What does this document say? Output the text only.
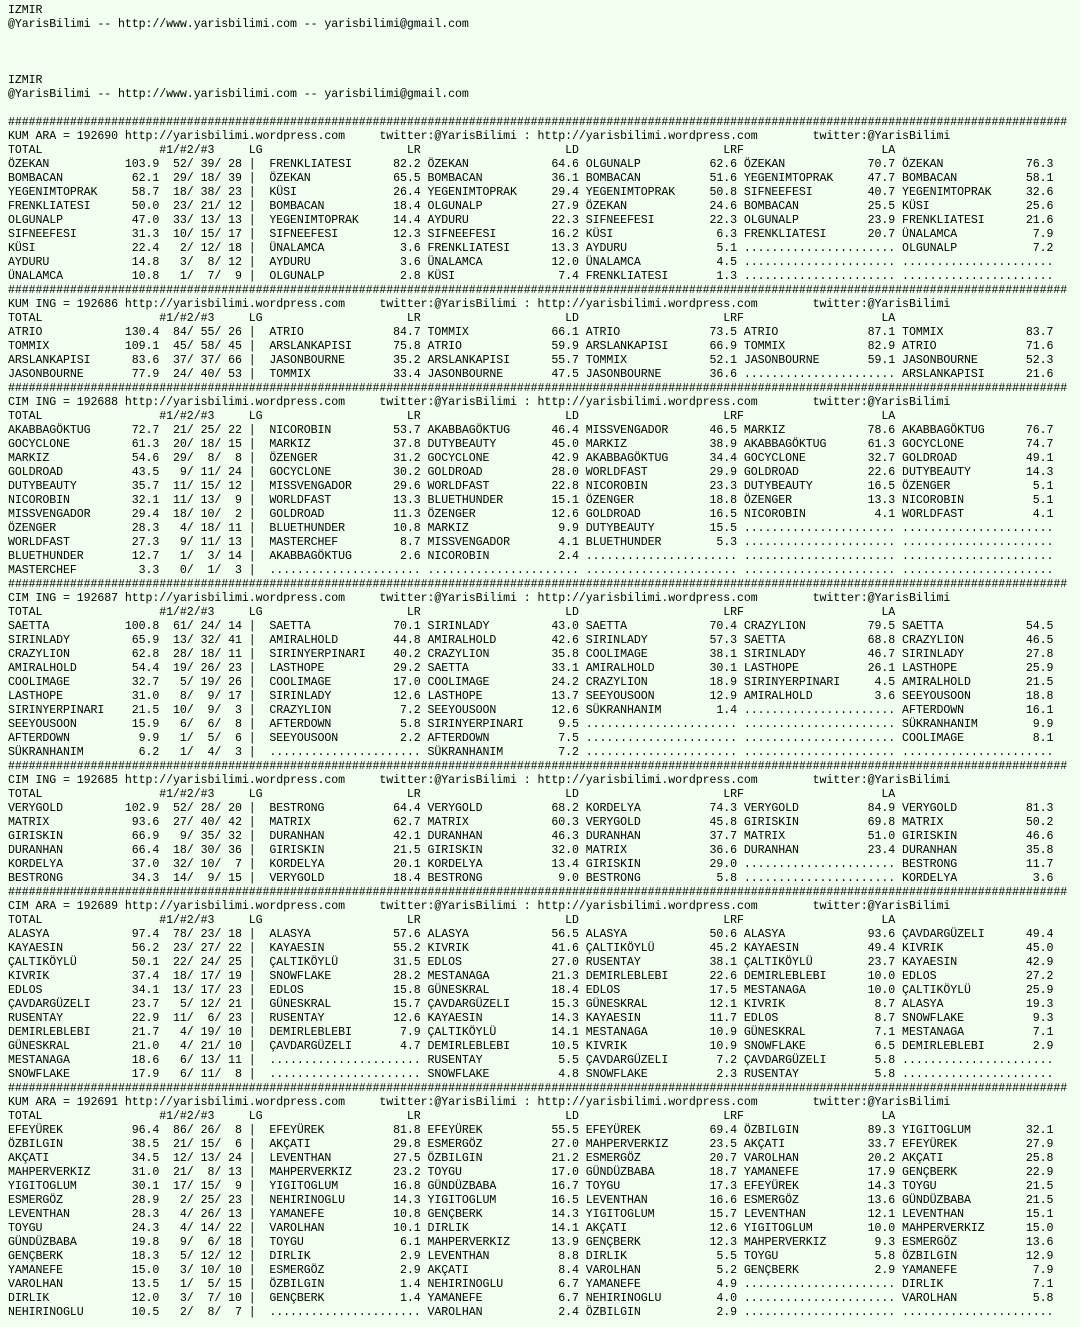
IZMIR
@YarisBilimi -- http://www.yarisbilimi.com -- yarisbilimi@gmail.com
IZMIR
@YarisBilimi -- http://www.yarisbilimi.com -- yarisbilimi@gmail.com
##########################################################################################################################################################
KUM ARA = 192690 http://yarisbilimi.wordpress.com     twitter:@YarisBilimi : http://yarisbilimi.wordpress.com        twitter:@YarisBilimi
TOTAL                 #1/#2/#3     LG                     LR                     LD                     LRF                    LA
ÖZEKAN           103.9  52/ 39/ 28 |  FRENKLIATESI      82.2 ÖZEKAN            64.6 OLGUNALP          62.6 ÖZEKAN            70.7 ÖZEKAN            76.3
BOMBACAN          62.1  29/ 18/ 39 |  ÖZEKAN            65.5 BOMBACAN          36.1 BOMBACAN          51.6 YEGENIMTOPRAK     47.7 BOMBACAN          58.1
YEGENIMTOPRAK     58.7  18/ 38/ 23 |  KÜSI              26.4 YEGENIMTOPRAK     29.4 YEGENIMTOPRAK     50.8 SIFNEEFESI        40.7 YEGENIMTOPRAK     32.6
FRENKLIATESI      50.0  23/ 21/ 12 |  BOMBACAN          18.4 OLGUNALP          27.9 ÖZEKAN            24.6 BOMBACAN          25.5 KÜSI              25.6
OLGUNALP          47.0  33/ 13/ 13 |  YEGENIMTOPRAK     14.4 AYDURU            22.3 SIFNEEFESI        22.3 OLGUNALP          23.9 FRENKLIATESI      21.6
SIFNEEFESI        31.3  10/ 15/ 17 |  SIFNEEFESI        12.3 SIFNEEFESI        16.2 KÜSI               6.3 FRENKLIATESI      20.7 ÜNALAMCA           7.9
KÜSI              22.4   2/ 12/ 18 |  ÜNALAMCA           3.6 FRENKLIATESI      13.3 AYDURU             5.1 ...................... OLGUNALP           7.2
AYDURU            14.8   3/  8/ 12 |  AYDURU             3.6 ÜNALAMCA          12.0 ÜNALAMCA           4.5 ...................... ......................
ÜNALAMCA          10.8   1/  7/  9 |  OLGUNALP           2.8 KÜSI               7.4 FRENKLIATESI       1.3 ...................... ......................
##########################################################################################################################################################
KUM ING = 192686 http://yarisbilimi.wordpress.com     twitter:@YarisBilimi : http://yarisbilimi.wordpress.com        twitter:@YarisBilimi
TOTAL                 #1/#2/#3     LG                     LR                     LD                     LRF                    LA
ATRIO            130.4  84/ 55/ 26 |  ATRIO             84.7 TOMMIX            66.1 ATRIO             73.5 ATRIO             87.1 TOMMIX            83.7
TOMMIX           109.1  45/ 58/ 45 |  ARSLANKAPISI      75.8 ATRIO             59.9 ARSLANKAPISI      66.9 TOMMIX            82.9 ATRIO             71.6
ARSLANKAPISI      83.6  37/ 37/ 66 |  JASONBOURNE       35.2 ARSLANKAPISI      55.7 TOMMIX            52.1 JASONBOURNE       59.1 JASONBOURNE       52.3
JASONBOURNE       77.9  24/ 40/ 53 |  TOMMIX            33.4 JASONBOURNE       47.5 JASONBOURNE       36.6 ...................... ARSLANKAPISI      21.6
##########################################################################################################################################################
CIM ING = 192688 http://yarisbilimi.wordpress.com     twitter:@YarisBilimi : http://yarisbilimi.wordpress.com        twitter:@YarisBilimi
TOTAL                 #1/#2/#3     LG                     LR                     LD                     LRF                    LA
AKABBAGÖKTUG      72.7  21/ 25/ 22 |  NICOROBIN         53.7 AKABBAGÖKTUG      46.4 MISSVENGADOR      46.5 MARKIZ            78.6 AKABBAGÖKTUG      76.7
GOCYCLONE         61.3  20/ 18/ 15 |  MARKIZ            37.8 DUTYBEAUTY        45.0 MARKIZ            38.9 AKABBAGÖKTUG      61.3 GOCYCLONE         74.7
MARKIZ            54.6  29/  8/  8 |  ÖZENGER           31.2 GOCYCLONE         42.9 AKABBAGÖKTUG      34.4 GOCYCLONE         32.7 GOLDROAD          49.1
GOLDROAD          43.5   9/ 11/ 24 |  GOCYCLONE         30.2 GOLDROAD          28.0 WORLDFAST         29.9 GOLDROAD          22.6 DUTYBEAUTY        14.3
DUTYBEAUTY        35.7  11/ 15/ 12 |  MISSVENGADOR      29.6 WORLDFAST         22.8 NICOROBIN         23.3 DUTYBEAUTY        16.5 ÖZENGER            5.1
NICOROBIN         32.1  11/ 13/  9 |  WORLDFAST         13.3 BLUETHUNDER       15.1 ÖZENGER           18.8 ÖZENGER           13.3 NICOROBIN          5.1
MISSVENGADOR      29.4  18/ 10/  2 |  GOLDROAD          11.3 ÖZENGER           12.6 GOLDROAD          16.5 NICOROBIN          4.1 WORLDFAST          4.1
ÖZENGER           28.3   4/ 18/ 11 |  BLUETHUNDER       10.8 MARKIZ             9.9 DUTYBEAUTY        15.5 ...................... ......................
WORLDFAST         27.3   9/ 11/ 13 |  MASTERCHEF         8.7 MISSVENGADOR       4.1 BLUETHUNDER        5.3 ...................... ......................
BLUETHUNDER       12.7   1/  3/ 14 |  AKABBAGÖKTUG       2.6 NICOROBIN          2.4 ...................... ...................... ......................
MASTERCHEF         3.3   0/  1/  3 |  ...................... ...................... ...................... ...................... ......................
##########################################################################################################################################################
CIM ING = 192687 http://yarisbilimi.wordpress.com     twitter:@YarisBilimi : http://yarisbilimi.wordpress.com        twitter:@YarisBilimi
TOTAL                 #1/#2/#3     LG                     LR                     LD                     LRF                    LA
SAETTA           100.8  61/ 24/ 14 |  SAETTA            70.1 SIRINLADY         43.0 SAETTA            70.4 CRAZYLION         79.5 SAETTA            54.5
SIRINLADY         65.9  13/ 32/ 41 |  AMIRALHOLD        44.8 AMIRALHOLD        42.6 SIRINLADY         57.3 SAETTA            68.8 CRAZYLION         46.5
CRAZYLION         62.8  28/ 18/ 11 |  SIRINYERPINARI    40.2 CRAZYLION         35.8 COOLIMAGE         38.1 SIRINLADY         46.7 SIRINLADY         27.8
AMIRALHOLD        54.4  19/ 26/ 23 |  LASTHOPE          29.2 SAETTA            33.1 AMIRALHOLD        30.1 LASTHOPE          26.1 LASTHOPE          25.9
COOLIMAGE         32.7   5/ 19/ 26 |  COOLIMAGE         17.0 COOLIMAGE         24.2 CRAZYLION         18.9 SIRINYERPINARI     4.5 AMIRALHOLD        21.5
LASTHOPE          31.0   8/  9/ 17 |  SIRINLADY         12.6 LASTHOPE          13.7 SEEYOUSOON        12.9 AMIRALHOLD         3.6 SEEYOUSOON        18.8
SIRINYERPINARI    21.5  10/  9/  3 |  CRAZYLION          7.2 SEEYOUSOON        12.6 SÜKRANHANIM        1.4 ...................... AFTERDOWN         16.1
SEEYOUSOON        15.9   6/  6/  8 |  AFTERDOWN          5.8 SIRINYERPINARI     9.5 ...................... ...................... SÜKRANHANIM        9.9
AFTERDOWN          9.9   1/  5/  6 |  SEEYOUSOON         2.2 AFTERDOWN          7.5 ...................... ...................... COOLIMAGE          8.1
SÜKRANHANIM        6.2   1/  4/  3 |  ...................... SÜKRANHANIM        7.2 ...................... ...................... ......................
##########################################################################################################################################################
CIM ING = 192685 http://yarisbilimi.wordpress.com     twitter:@YarisBilimi : http://yarisbilimi.wordpress.com        twitter:@YarisBilimi
TOTAL                 #1/#2/#3     LG                     LR                     LD                     LRF                    LA
VERYGOLD         102.9  52/ 28/ 20 |  BESTRONG          64.4 VERYGOLD          68.2 KORDELYA          74.3 VERYGOLD          84.9 VERYGOLD          81.3
MATRIX            93.6  27/ 40/ 42 |  MATRIX            62.7 MATRIX            60.3 VERYGOLD          45.8 GIRISKIN          69.8 MATRIX            50.2
GIRISKIN          66.9   9/ 35/ 32 |  DURANHAN          42.1 DURANHAN          46.3 DURANHAN          37.7 MATRIX            51.0 GIRISKIN          46.6
DURANHAN          66.4  18/ 30/ 36 |  GIRISKIN          21.5 GIRISKIN          32.0 MATRIX            36.6 DURANHAN          23.4 DURANHAN          35.8
KORDELYA          37.0  32/ 10/  7 |  KORDELYA          20.1 KORDELYA          13.4 GIRISKIN          29.0 ...................... BESTRONG          11.7
BESTRONG          34.3  14/  9/ 15 |  VERYGOLD          18.4 BESTRONG           9.0 BESTRONG           5.8 ...................... KORDELYA           3.6
##########################################################################################################################################################
CIM ARA = 192689 http://yarisbilimi.wordpress.com     twitter:@YarisBilimi : http://yarisbilimi.wordpress.com        twitter:@YarisBilimi
TOTAL                 #1/#2/#3     LG                     LR                     LD                     LRF                    LA
ALASYA            97.4  78/ 23/ 18 |  ALASYA            57.6 ALASYA            56.5 ALASYA            50.6 ALASYA            93.6 ÇAVDARGÜZELI      49.4
KAYAESIN          56.2  23/ 27/ 22 |  KAYAESIN          55.2 KIVRIK            41.6 ÇALTIKÖYLÜ        45.2 KAYAESIN          49.4 KIVRIK            45.0
ÇALTIKÖYLÜ        50.1  22/ 24/ 25 |  ÇALTIKÖYLÜ        31.5 EDLOS             27.0 RUSENTAY          38.1 ÇALTIKÖYLÜ        23.7 KAYAESIN          42.9
KIVRIK            37.4  18/ 17/ 19 |  SNOWFLAKE         28.2 MESTANAGA         21.3 DEMIRLEBLEBI      22.6 DEMIRLEBLEBI      10.0 EDLOS             27.2
EDLOS             34.1  13/ 17/ 23 |  EDLOS             15.8 GÜNESKRAL         18.4 EDLOS             17.5 MESTANAGA         10.0 ÇALTIKÖYLÜ        25.9
ÇAVDARGÜZELI      23.7   5/ 12/ 21 |  GÜNESKRAL         15.7 ÇAVDARGÜZELI      15.3 GÜNESKRAL         12.1 KIVRIK             8.7 ALASYA            19.3
RUSENTAY          22.9  11/  6/ 23 |  RUSENTAY          12.6 KAYAESIN          14.3 KAYAESIN          11.7 EDLOS              8.7 SNOWFLAKE          9.3
DEMIRLEBLEBI      21.7   4/ 19/ 10 |  DEMIRLEBLEBI       7.9 ÇALTIKÖYLÜ        14.1 MESTANAGA         10.9 GÜNESKRAL          7.1 MESTANAGA          7.1
GÜNESKRAL         21.0   4/ 21/ 10 |  ÇAVDARGÜZELI       4.7 DEMIRLEBLEBI      10.5 KIVRIK            10.9 SNOWFLAKE          6.5 DEMIRLEBLEBI       2.9
MESTANAGA         18.6   6/ 13/ 11 |  ...................... RUSENTAY           5.5 ÇAVDARGÜZELI       7.2 ÇAVDARGÜZELI       5.8 ......................
SNOWFLAKE         17.9   6/ 11/  8 |  ...................... SNOWFLAKE          4.8 SNOWFLAKE          2.3 RUSENTAY           5.8 ......................
##########################################################################################################################################################
KUM ARA = 192691 http://yarisbilimi.wordpress.com     twitter:@YarisBilimi : http://yarisbilimi.wordpress.com        twitter:@YarisBilimi
TOTAL                 #1/#2/#3     LG                     LR                     LD                     LRF                    LA
EFEYÜREK          96.4  86/ 26/  8 |  EFEYÜREK          81.8 EFEYÜREK          55.5 EFEYÜREK          69.4 ÖZBILGIN          89.3 YIGITOGLUM        32.1
ÖZBILGIN          38.5  21/ 15/  6 |  AKÇATI            29.8 ESMERGÖZ          27.0 MAHPERVERKIZ      23.5 AKÇATI            33.7 EFEYÜREK          27.9
AKÇATI            34.5  12/ 13/ 24 |  LEVENTHAN         27.5 ÖZBILGIN          21.2 ESMERGÖZ          20.7 VAROLHAN          20.2 AKÇATI            25.8
MAHPERVERKIZ      31.0  21/  8/ 13 |  MAHPERVERKIZ      23.2 TOYGU             17.0 GÜNDÜZBABA        18.7 YAMANEFE          17.9 GENÇBERK          22.9
YIGITOGLUM        30.1  17/ 15/  9 |  YIGITOGLUM        16.8 GÜNDÜZBABA        16.7 TOYGU             17.3 EFEYÜREK          14.3 TOYGU             21.5
ESMERGÖZ          28.9   2/ 25/ 23 |  NEHIRINOGLU       14.3 YIGITOGLUM        16.5 LEVENTHAN         16.6 ESMERGÖZ          13.6 GÜNDÜZBABA        21.5
LEVENTHAN         28.3   4/ 26/ 13 |  YAMANEFE          10.8 GENÇBERK          14.3 YIGITOGLUM        15.7 LEVENTHAN         12.1 LEVENTHAN         15.1
TOYGU             24.3   4/ 14/ 22 |  VAROLHAN          10.1 DIRLIK            14.1 AKÇATI            12.6 YIGITOGLUM        10.0 MAHPERVERKIZ      15.0
GÜNDÜZBABA        19.8   9/  6/ 18 |  TOYGU              6.1 MAHPERVERKIZ      13.9 GENÇBERK          12.3 MAHPERVERKIZ       9.3 ESMERGÖZ          13.6
GENÇBERK          18.3   5/ 12/ 12 |  DIRLIK             2.9 LEVENTHAN          8.8 DIRLIK             5.5 TOYGU              5.8 ÖZBILGIN          12.9
YAMANEFE          15.0   3/ 10/ 10 |  ESMERGÖZ           2.9 AKÇATI             8.4 VAROLHAN           5.2 GENÇBERK           2.9 YAMANEFE           7.9
VAROLHAN          13.5   1/  5/ 15 |  ÖZBILGIN           1.4 NEHIRINOGLU        6.7 YAMANEFE           4.9 ...................... DIRLIK             7.1
DIRLIK            12.0   3/  7/ 10 |  GENÇBERK           1.4 YAMANEFE           6.7 NEHIRINOGLU        4.0 ...................... VAROLHAN           5.8
NEHIRINOGLU       10.5   2/  8/  7 |  ...................... VAROLHAN           2.4 ÖZBILGIN           2.9 ...................... ......................
